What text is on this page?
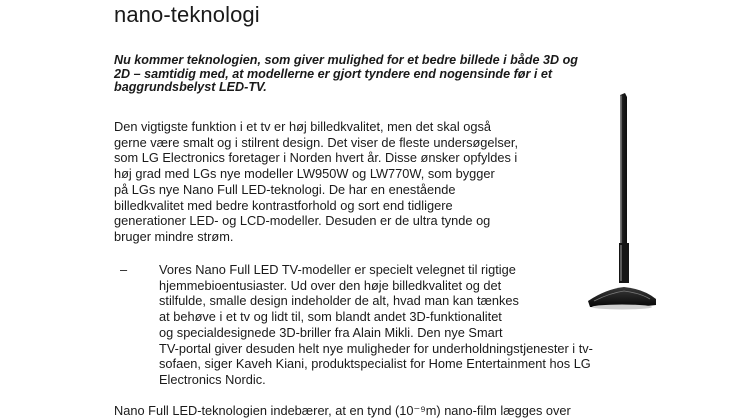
nano-teknologi

Nu kommer teknologien, som giver mulighed for et bedre billede i både 3D og
2D – samtidig med, at modellerne er gjort tyndere end nogensinde før i et
baggrundsbelyst LED-TV.

Den vigtigste funktion i et tv er høj billedkvalitet, men det skal også
gerne være smalt og i stilrent design. Det viser de fleste undersøgelser,
som LG Electronics foretager i Norden hvert år. Disse ønsker opfyldes i
høj grad med LGs nye modeller LW950W og LW770W, som bygger
på LGs nye Nano Full LED-teknologi. De har en enestående
billedkvalitet med bedre kontrastforhold og sort end tidligere
generationer LED- og LCD-modeller. Desuden er de ultra tynde og
bruger mindre strøm.

– Vores Nano Full LED TV-modeller er specielt velegnet til rigtige
hjemmebioentusiaster. Ud over den høje billedkvalitet og det
stilfulde, smalle design indeholder de alt, hvad man kan tænkes
at behøve i et tv og lidt til, som blandt andet 3D-funktionalitet
og specialdesignede 3D-briller fra Alain Mikli. Den nye Smart
TV-portal giver desuden helt nye muligheder for underholdningstjenester i tv-
sofaen, siger Kaveh Kiani, produktspecialist for Home Entertainment hos LG
Electronics Nordic.

Nano Full LED-teknologien indebærer, at en tynd (10⁻⁹m) nano-film lægges over
